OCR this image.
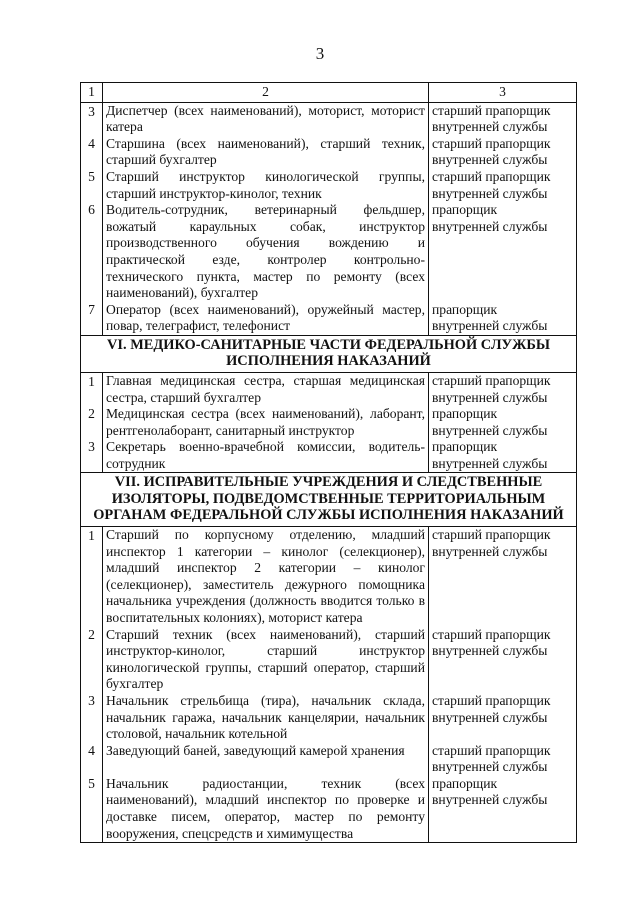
3
1	2	3
3	Диспетчер (всех наименований), моторист, моторист катера	старший прапорщик
внутренней службы

4	Старшина (всех наименований), старший техник, старший бухгалтер	старший прапорщик
внутренней службы

5	Старший инструктор кинологической группы, старший инструктор-кинолог, техник	старший прапорщик
внутренней службы

6	Водитель-сотрудник, ветеринарный фельдшер, вожатый караульных собак, инструктор производственного обучения вождению и практической езде, контролер контрольно-технического пункта, мастер по ремонту (всех наименований), бухгалтер	прапорщик
внутренней службы

7	Оператор (всех наименований), оружейный мастер, повар, телеграфист, телефонист	прапорщик
внутренней службы

VI. МЕДИКО-САНИТАРНЫЕ ЧАСТИ ФЕДЕРАЛЬНОЙ СЛУЖБЫ ИСПОЛНЕНИЯ НАКАЗАНИЙ		
1	Главная медицинская сестра, старшая медицинская сестра, старший бухгалтер	старший прапорщик
внутренней службы

2	Медицинская сестра (всех наименований), лаборант, рентгенолаборант, санитарный инструктор	прапорщик
внутренней службы

3	Секретарь военно-врачебной комиссии, водитель-сотрудник	прапорщик
внутренней службы

VII. ИСПРАВИТЕЛЬНЫЕ УЧРЕЖДЕНИЯ И СЛЕДСТВЕННЫЕ ИЗОЛЯТОРЫ, ПОДВЕДОМСТВЕННЫЕ ТЕРРИТОРИАЛЬНЫМ ОРГАНАМ ФЕДЕРАЛЬНОЙ СЛУЖБЫ ИСПОЛНЕНИЯ НАКАЗАНИЙ		
1	Старший по корпусному отделению, младший инспектор 1 категории – кинолог (селекционер), младший инспектор 2 категории – кинолог (селекционер), заместитель дежурного помощника начальника учреждения (должность вводится только в воспитательных колониях), моторист катера	старший прапорщик
внутренней службы

2	Старший техник (всех наименований), старший инструктор-кинолог, старший инструктор кинологической группы, старший оператор, старший бухгалтер	старший прапорщик
внутренней службы

3	Начальник стрельбища (тира), начальник склада, начальник гаража, начальник канцелярии, начальник столовой, начальник котельной	старший прапорщик
внутренней службы

4	Заведующий баней, заведующий камерой хранения	старший прапорщик
внутренней службы

5	Начальник радиостанции, техник (всех наименований), младший инспектор по проверке и доставке писем, оператор, мастер по ремонту вооружения, спецсредств и химимущества	прапорщик
внутренней службы
